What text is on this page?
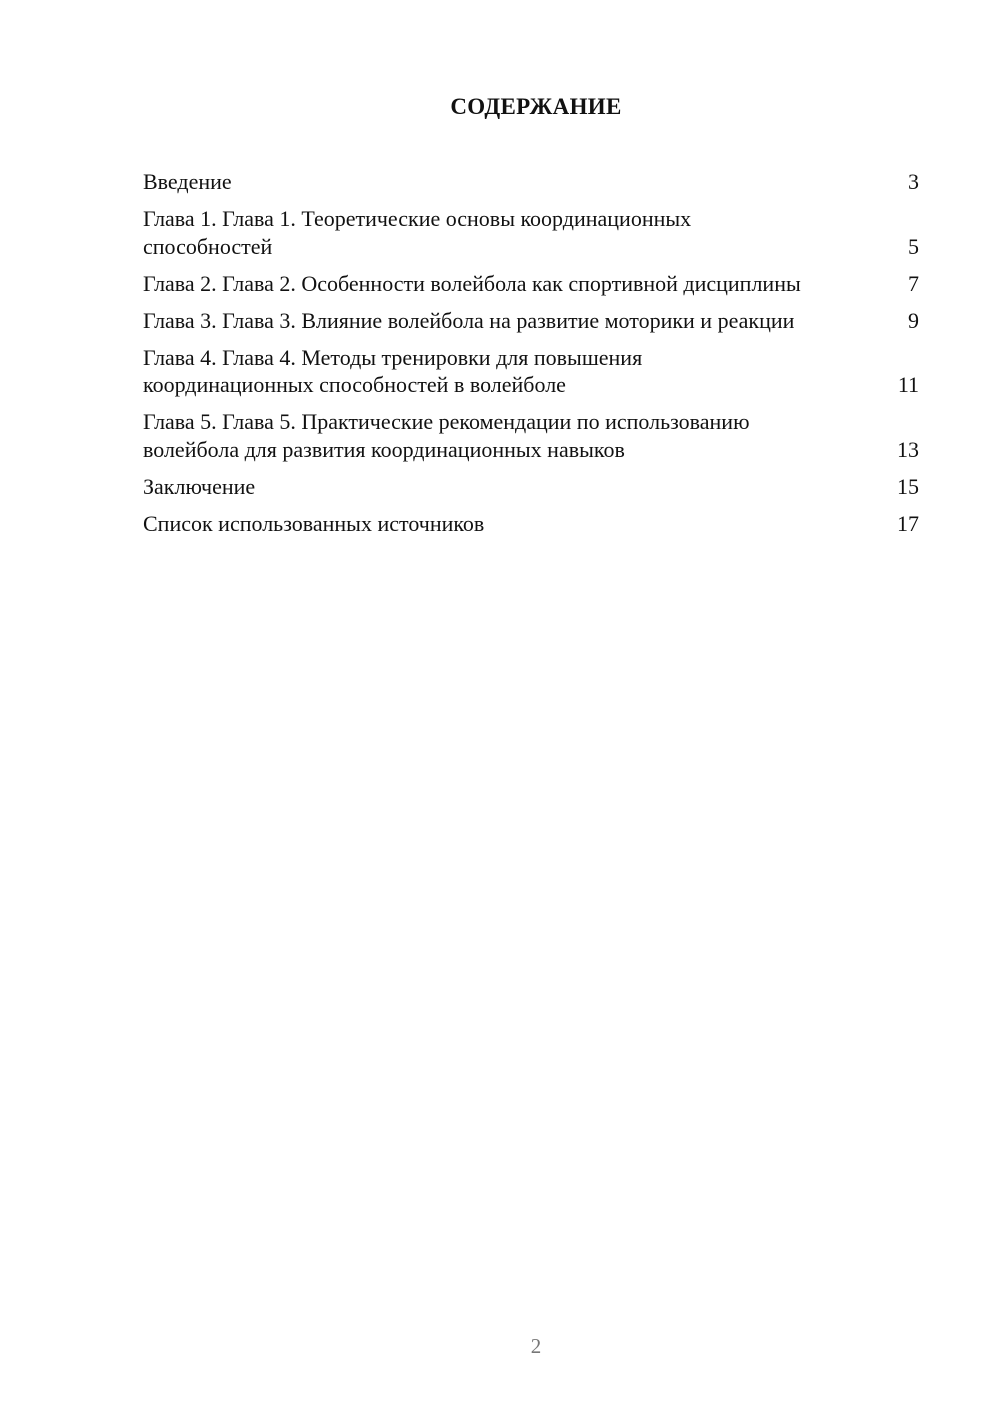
СОДЕРЖАНИЕ
Введение	3
Глава 1. Глава 1. Теоретические основы координационных способностей	5
Глава 2. Глава 2. Особенности волейбола как спортивной дисциплины	7
Глава 3. Глава 3. Влияние волейбола на развитие моторики и реакции	9
Глава 4. Глава 4. Методы тренировки для повышения координационных способностей в волейболе	11
Глава 5. Глава 5. Практические рекомендации по использованию волейбола для развития координационных навыков	13
Заключение	15
Список использованных источников	17
2
